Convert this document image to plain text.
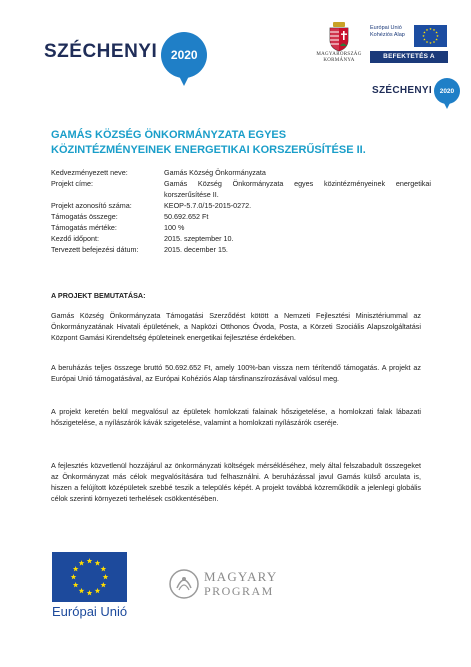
SZÉCHENYI 2020	MAGYARORSZÁG
KORMÁNYA
Európai Unió
Kohéziós Alap
BEFEKTETÉS A JÖVŐBE
SZÉCHENYI 2020
GAMÁS KÖZSÉG ÖNKORMÁNYZATA EGYES
KÖZINTÉZMÉNYEINEK ENERGETIKAI KORSZERŰSÍTÉSE II.
Kedvezményezett neve:	Gamás Község Önkormányzata
Projekt címe:	Gamás Község Önkormányzata egyes közintézményeinek energetikai korszerűsítése II.
Projekt azonosító száma:	KEOP-5.7.0/15-2015-0272.
Támogatás összege:	50.692.652 Ft
Támogatás mértéke:	100 %
Kezdő időpont:	2015. szeptember 10.
Tervezett befejezési dátum:	2015. december 15.
A PROJEKT BEMUTATÁSA:

Gamás Község Önkormányzata Támogatási Szerződést kötött a Nemzeti Fejlesztési Minisztériummal az Önkormányzatának Hivatali épületének, a Napközi Otthonos Óvoda, Posta, a Körzeti Szociális Alapszolgáltatási Központ Gamási Kirendeltség épületeinek energetikai fejlesztése érdekében.

A beruházás teljes összege bruttó 50.692.652 Ft, amely 100%-ban vissza nem térítendő támogatás. A projekt az Európai Unió támogatásával, az Európai Kohéziós Alap társfinanszírozásával valósul meg.

A projekt keretén belül megvalósul az épületek homlokzati falainak hőszigetelése, a homlokzati falak lábazati hőszigetelése, a nyílászárók kávák szigetelése, valamint a homlokzati nyílászárók cseréje.

A fejlesztés közvetlenül hozzájárul az önkormányzati költségek mérsékléséhez, mely által felszabadult összegeket az Önkormányzat más célok megvalósítására tud felhasználni. A beruházással javul Gamás külső arculata is, hiszen a felújított középületek szebbé teszik a település képét. A projekt továbbá közreműködik a jelenlegi globális célok szerinti környezeti terhelések csökkentésében.

Európai Unió
MAGYARY
PROGRAM
